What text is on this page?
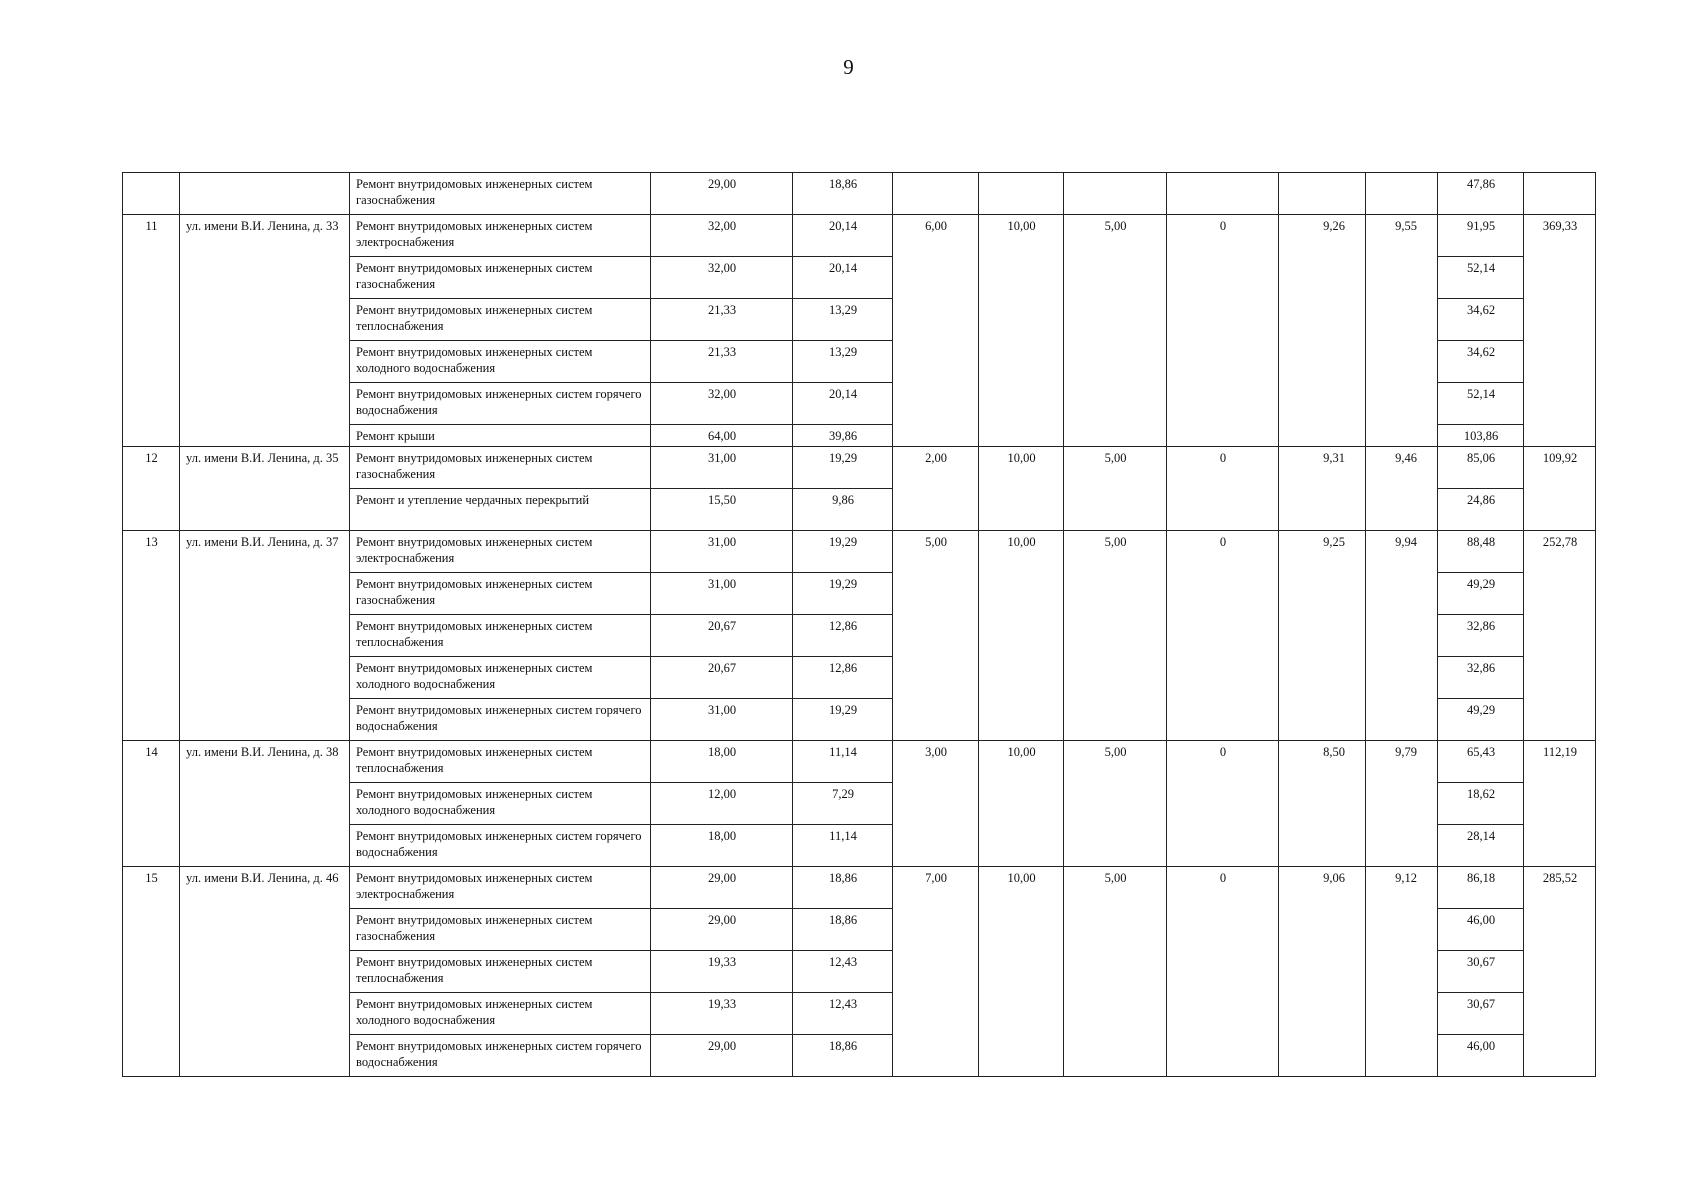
9
		Ремонт внутридомовых инженерных систем газоснабжения	29,00	18,86							47,86	
11	ул. имени В.И. Ленина, д. 33	Ремонт внутридомовых инженерных систем электроснабжения	32,00	20,14	6,00	10,00	5,00	0	9,26	9,55	91,95	369,33
		Ремонт внутридомовых инженерных систем газоснабжения	32,00	20,14							52,14	
		Ремонт внутридомовых инженерных систем теплоснабжения	21,33	13,29							34,62	
		Ремонт внутридомовых инженерных систем холодного водоснабжения	21,33	13,29							34,62	
		Ремонт внутридомовых инженерных систем горячего водоснабжения	32,00	20,14							52,14	
		Ремонт крыши	64,00	39,86							103,86	
12	ул. имени В.И. Ленина, д. 35	Ремонт внутридомовых инженерных систем газоснабжения	31,00	19,29	2,00	10,00	5,00	0	9,31	9,46	85,06	109,92
		Ремонт и утепление чердачных перекрытий	15,50	9,86							24,86	
13	ул. имени В.И. Ленина, д. 37	Ремонт внутридомовых инженерных систем электроснабжения	31,00	19,29	5,00	10,00	5,00	0	9,25	9,94	88,48	252,78
		Ремонт внутридомовых инженерных систем газоснабжения	31,00	19,29							49,29	
		Ремонт внутридомовых инженерных систем теплоснабжения	20,67	12,86							32,86	
		Ремонт внутридомовых инженерных систем холодного водоснабжения	20,67	12,86							32,86	
		Ремонт внутридомовых инженерных систем горячего водоснабжения	31,00	19,29							49,29	
14	ул. имени В.И. Ленина, д. 38	Ремонт внутридомовых инженерных систем теплоснабжения	18,00	11,14	3,00	10,00	5,00	0	8,50	9,79	65,43	112,19
		Ремонт внутридомовых инженерных систем холодного водоснабжения	12,00	7,29							18,62	
		Ремонт внутридомовых инженерных систем горячего водоснабжения	18,00	11,14							28,14	
15	ул. имени В.И. Ленина, д. 46	Ремонт внутридомовых инженерных систем электроснабжения	29,00	18,86	7,00	10,00	5,00	0	9,06	9,12	86,18	285,52
		Ремонт внутридомовых инженерных систем газоснабжения	29,00	18,86							46,00	
		Ремонт внутридомовых инженерных систем теплоснабжения	19,33	12,43							30,67	
		Ремонт внутридомовых инженерных систем холодного водоснабжения	19,33	12,43							30,67	
		Ремонт внутридомовых инженерных систем горячего водоснабжения	29,00	18,86							46,00	
